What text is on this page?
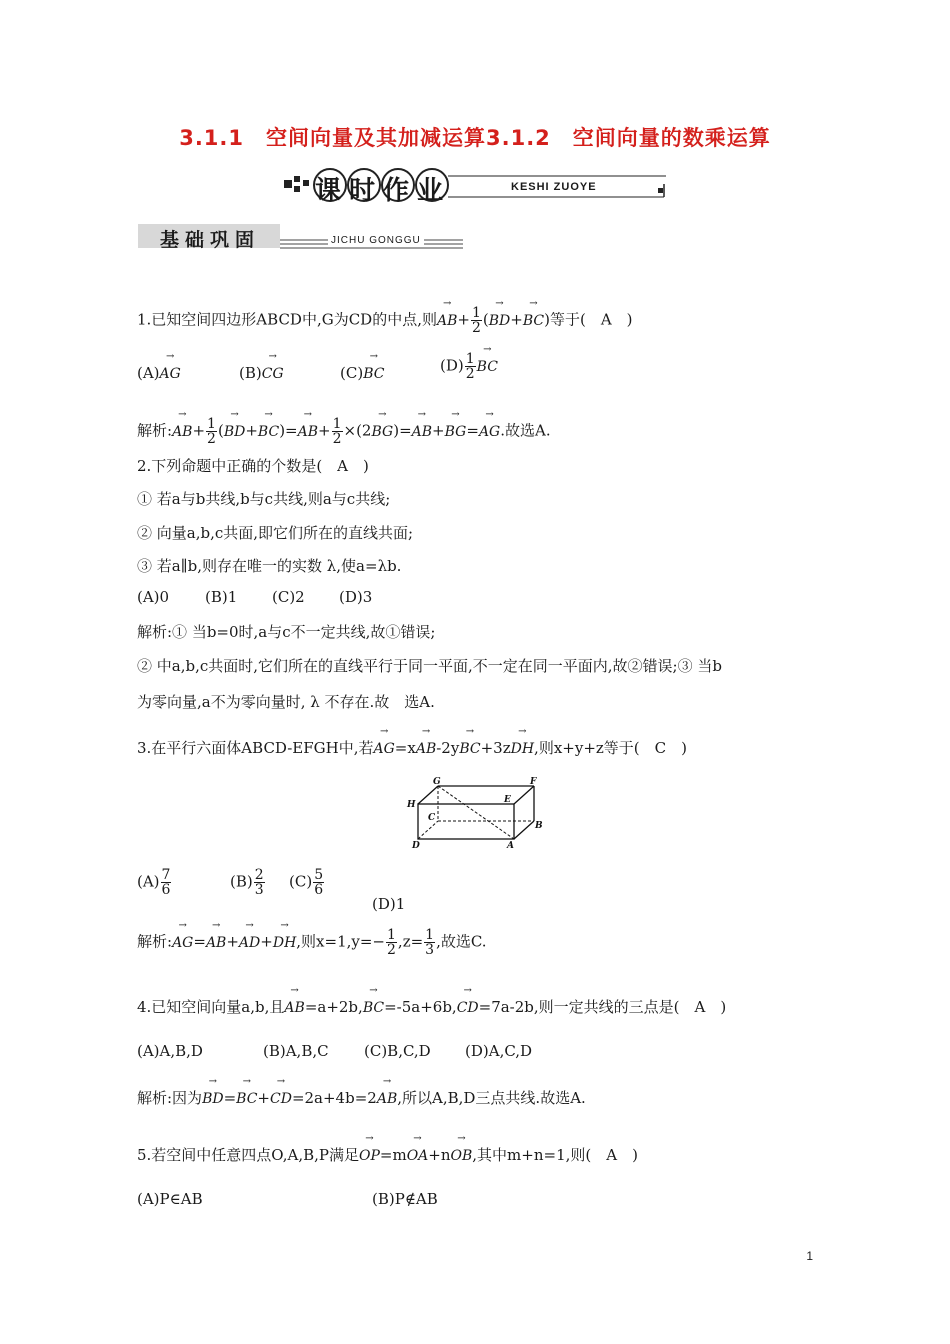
3.1.1　空间向量及其加减运算3.1.2　空间向量的数乘运算
课时作业	KESHI ZUOYE
基础巩固	JICHU GONGGU
1.已知空间四边形ABCD中,G为CD的中点,则→ $AB+ \frac{1}{2}$ (→ BD+→ BC)等于(　A　)
(A)→ AG	(B)→ CG	(C)→ BC	$(D) \frac{1}{2}$
→ BC
解析:→ $AB+ \frac{1}{2}$ (→ $BD+\to BC)=\to AB+ \frac{1}{2} \times(2\to BG)=\to AB+\to BG=\to$ AG.故选A.
2.下列命题中正确的个数是(　A　)
① 若a与b共线,b与c共线,则a与c共线;
② 向量a,b,c共面,即它们所在的直线共面;
③ 若a∥b,则存在唯一的实数 λ,使a=λb.
(A)0 (B)1 (C)2 (D)3
解析:① 当b=0时,a与c不一定共线,故①错误;
② 中a,b,c共面时,它们所在的直线平行于同一平面,不一定在同一平面内,故②错误;③ 当b
为零向量,a不为零向量时, λ 不存在.故　选A.
3.在平行六面体ABCD-EFGH中,若→ AG=x→ AB-2y→ BC+3z→ DH,则x+y+z等于(　C　)
G	F
H	E
C
B
D	A
$(A) \frac{7}{6}$	$(B) \frac{2}{3} (C) \frac{5}{6}$
(D)1
解析:→ AG=→ AB+→ AD+→ DH,则$x=1,y=- \frac{1}{2} ,z= \frac{1}{3}$ ,故选C.
4.已知空间向量a,b,且→ AB=a+2b,→ BC=-5a+6b,→ CD=7a-2b,则一定共线的三点是(　A　)
(A)A,B,D	(B)A,B,C (C)B,C,D (D)A,C,D
解析:因为→ BD=→ BC+→ CD=2a+4b=2→ AB,所以A,B,D三点共线.故选A.
5.若空间中任意四点O,A,B,P满足→ OP=m→ OA+n→ OB,其中m+n=1,则(　A　)
(A)P∈AB	(B)P∉AB
1
